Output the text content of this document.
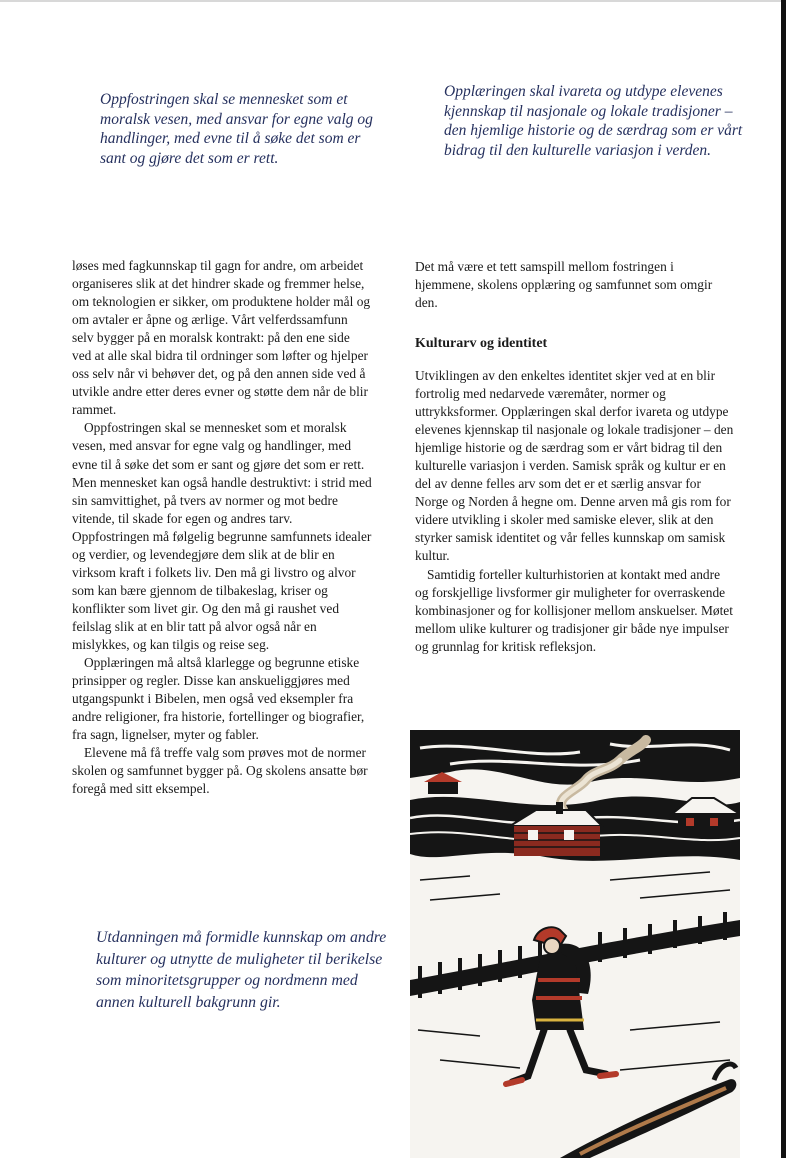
Oppfostringen skal se mennesket som et moralsk vesen, med ansvar for egne valg og handlinger, med evne til å søke det som er sant og gjøre det som er rett.

Opplæringen skal ivareta og utdype elevenes kjennskap til nasjonale og lokale tradisjoner – den hjemlige historie og de særdrag som er vårt bidrag til den kulturelle variasjon i verden.

løses med fagkunnskap til gagn for andre, om arbeidet organiseres slik at det hindrer skade og fremmer helse, om teknologien er sikker, om produktene holder mål og om avtaler er åpne og ærlige. Vårt velferdssamfunn selv bygger på en moralsk kontrakt: på den ene side ved at alle skal bidra til ordninger som løfter og hjelper oss selv når vi behøver det, og på den annen side ved å utvikle andre etter deres evner og støtte dem når de blir rammet.

Oppfostringen skal se mennesket som et moralsk vesen, med ansvar for egne valg og handlinger, med evne til å søke det som er sant og gjøre det som er rett. Men mennesket kan også handle destruktivt: i strid med sin samvittighet, på tvers av normer og mot bedre vitende, til skade for egen og andres tarv. Oppfostringen må følgelig begrunne samfunnets idealer og verdier, og levendegjøre dem slik at de blir en virksom kraft i folkets liv. Den må gi livstro og alvor som kan bære gjennom de tilbakeslag, kriser og konflikter som livet gir. Og den må gi raushet ved feilslag slik at en blir tatt på alvor også når en mislykkes, og kan tilgis og reise seg.

Opplæringen må altså klarlegge og begrunne etiske prinsipper og regler. Disse kan anskueliggjøres med utgangspunkt i Bibelen, men også ved eksempler fra andre religioner, fra historie, fortellinger og biografier, fra sagn, lignelser, myter og fabler.

Elevene må få treffe valg som prøves mot de normer skolen og samfunnet bygger på. Og skolens ansatte bør foregå med sitt eksempel.

Det må være et tett samspill mellom fostringen i hjemmene, skolens opplæring og samfunnet som omgir den.

Kulturarv og identitet

Utviklingen av den enkeltes identitet skjer ved at en blir fortrolig med nedarvede væremåter, normer og uttrykksformer. Opplæringen skal derfor ivareta og utdype elevenes kjennskap til nasjonale og lokale tradisjoner – den hjemlige historie og de særdrag som er vårt bidrag til den kulturelle variasjon i verden. Samisk språk og kultur er en del av denne felles arv som det er et særlig ansvar for Norge og Norden å hegne om. Denne arven må gis rom for videre utvikling i skoler med samiske elever, slik at den styrker samisk identitet og vår felles kunnskap om samisk kultur.

Samtidig forteller kulturhistorien at kontakt med andre og forskjellige livsformer gir muligheter for overraskende kombinasjoner og for kollisjoner mellom anskuelser. Møtet mellom ulike kulturer og tradisjoner gir både nye impulser og grunnlag for kritisk refleksjon.

Utdanningen må formidle kunnskap om andre kulturer og utnytte de muligheter til berikelse som minoritetsgrupper og nordmenn med annen kulturell bakgrunn gir.
